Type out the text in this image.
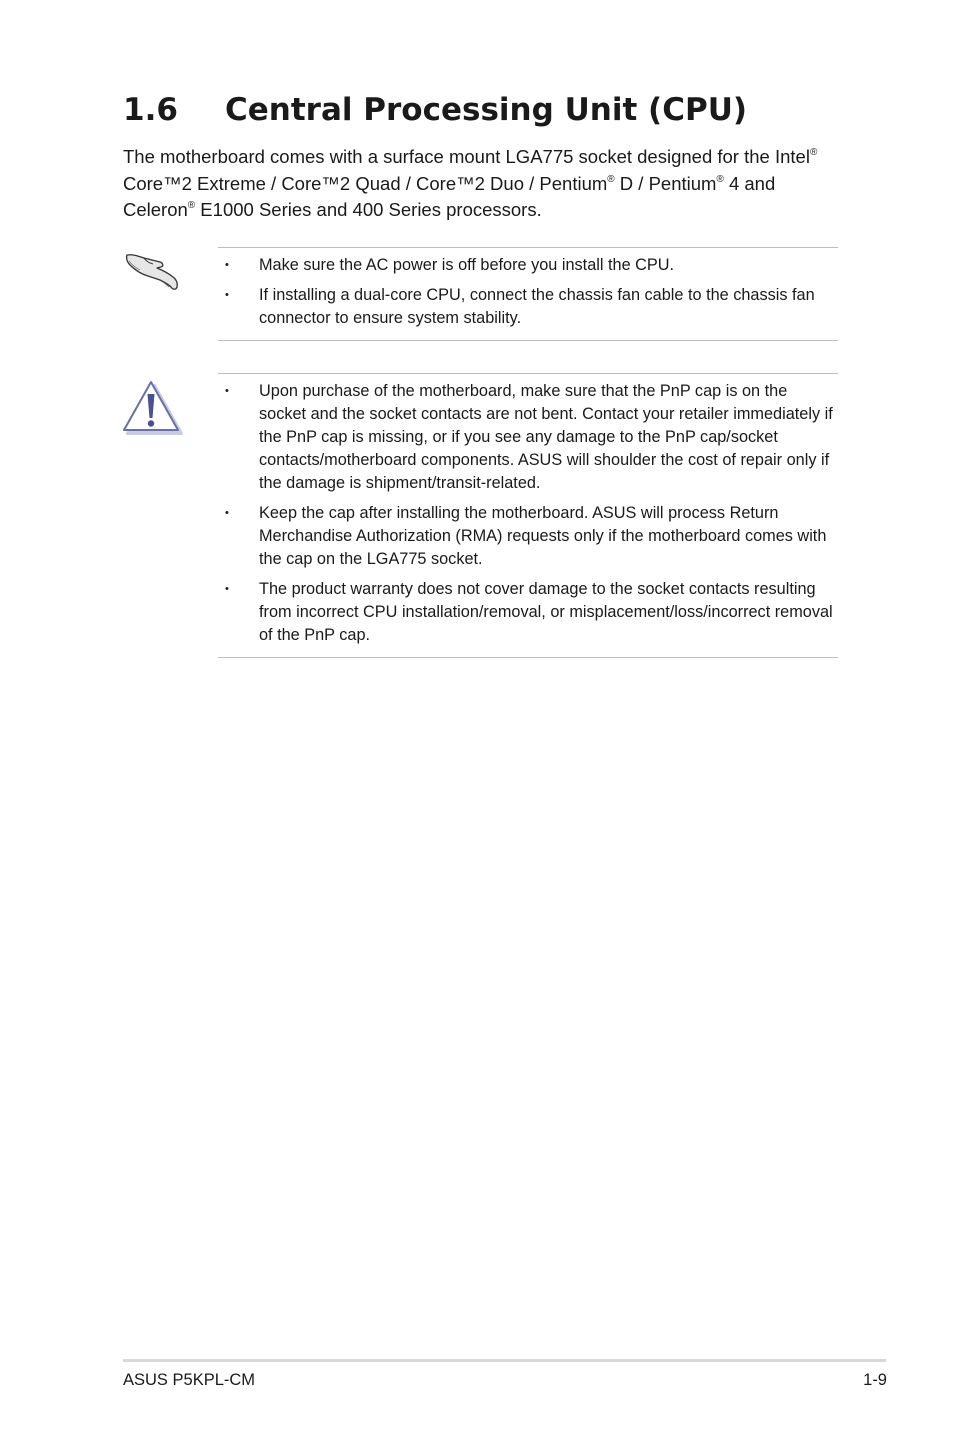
1.6 Central Processing Unit (CPU)

The motherboard comes with a surface mount LGA775 socket designed for the Intel® Core™2 Extreme / Core™2 Quad / Core™2 Duo / Pentium® D / Pentium® 4 and Celeron® E1000 Series and 400 Series processors.

• Make sure the AC power is off before you install the CPU.
• If installing a dual-core CPU, connect the chassis fan cable to the chassis fan connector to ensure system stability.
• Upon purchase of the motherboard, make sure that the PnP cap is on the socket and the socket contacts are not bent. Contact your retailer immediately if the PnP cap is missing, or if you see any damage to the PnP cap/socket contacts/motherboard components. ASUS will shoulder the cost of repair only if the damage is shipment/transit-related.
• Keep the cap after installing the motherboard. ASUS will process Return Merchandise Authorization (RMA) requests only if the motherboard comes with the cap on the LGA775 socket.
• The product warranty does not cover damage to the socket contacts resulting from incorrect CPU installation/removal, or misplacement/loss/incorrect removal of the PnP cap.
ASUS P5KPL-CM	1-9
